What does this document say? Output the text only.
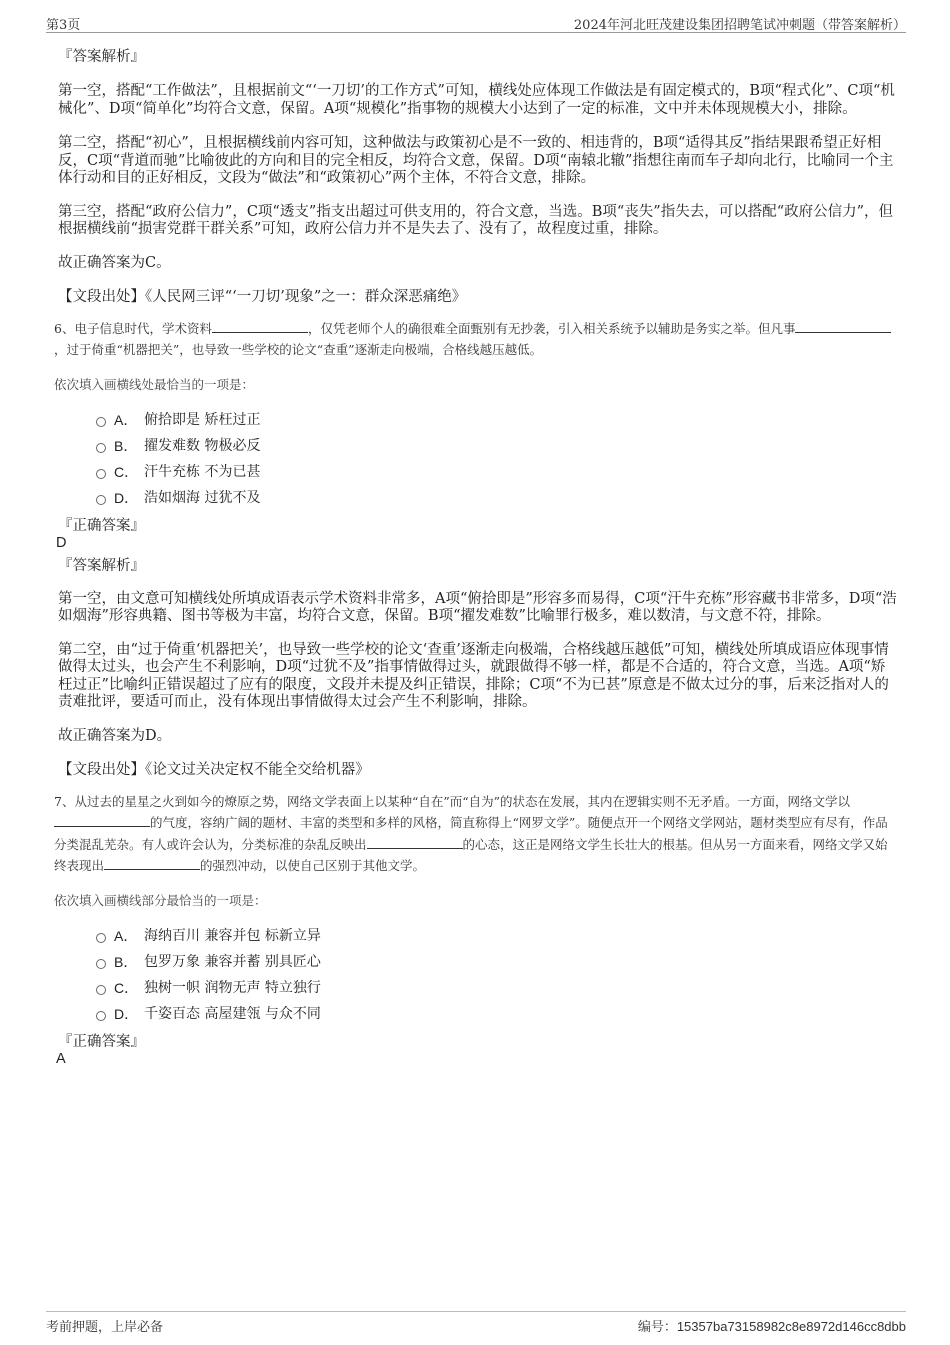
第3页	2024年河北旺茂建设集团招聘笔试冲刺题（带答案解析）
『答案解析』

第一空，搭配“工作做法”，且根据前文“‘一刀切’的工作方式”可知，横线处应体现工作做法是有固定模式的，B项“程式化”、C项“机械化”、D项“简单化”均符合文意，保留。A项“规模化”指事物的规模大小达到了一定的标准，文中并未体现规模大小，排除。

第二空，搭配“初心”，且根据横线前内容可知，这种做法与政策初心是不一致的、相违背的，B项“适得其反”指结果跟希望正好相反，C项“背道而驰”比喻彼此的方向和目的完全相反，均符合文意，保留。D项“南辕北辙”指想往南而车子却向北行，比喻同一个主体行动和目的正好相反，文段为“做法”和“政策初心”两个主体，不符合文意，排除。

第三空，搭配“政府公信力”，C项“透支”指支出超过可供支用的，符合文意，当选。B项“丧失”指失去，可以搭配“政府公信力”，但根据横线前“损害党群干群关系”可知，政府公信力并不是失去了、没有了，故程度过重，排除。

故正确答案为C。

【文段出处】《人民网三评“‘一刀切’现象”之一：群众深恶痛绝》

6、电子信息时代，学术资料	，仅凭老师个人的确很难全面甄别有无抄袭，引入相关系统予以辅助是务实之举。但凡事，过于倚重“机器把关”，也导致一些学校的论文“查重”逐渐走向极端，合格线越压越低。
依次填入画横线处最恰当的一项是：
A． 俯拾即是 矫枉过正
B． 擢发难数 物极必反
C． 汗牛充栋 不为已甚
D． 浩如烟海 过犹不及
『正确答案』
D
『答案解析』

第一空，由文意可知横线处所填成语表示学术资料非常多，A项“俯拾即是”形容多而易得，C项“汗牛充栋”形容藏书非常多，D项“浩如烟海”形容典籍、图书等极为丰富，均符合文意，保留。B项“擢发难数”比喻罪行极多，难以数清，与文意不符，排除。

第二空，由“过于倚重‘机器把关’，也导致一些学校的论文‘查重’逐渐走向极端，合格线越压越低”可知，横线处所填成语应体现事情做得太过头，也会产生不利影响，D项“过犹不及”指事情做得过头，就跟做得不够一样，都是不合适的，符合文意，当选。A项“矫枉过正”比喻纠正错误超过了应有的限度，文段并未提及纠正错误，排除；C项“不为已甚”原意是不做太过分的事，后来泛指对人的责难批评，要适可而止，没有体现出事情做得太过会产生不利影响，排除。

故正确答案为D。

【文段出处】《论文过关决定权不能全交给机器》

7、从过去的星星之火到如今的燎原之势，网络文学表面上以某种“自在”而“自为”的状态在发展，其内在逻辑实则不无矛盾。一方面，网络文学以的气度，容纳广阔的题材、丰富的类型和多样的风格，简直称得上“网罗文学”。随便点开一个网络文学网站，题材类型应有尽有，作品分类混乱芜杂。有人或许会认为，分类标准的杂乱反映出	的心态，这正是网络文学生长壮大的根基。但从另一方面来看，网络文学又始终表现出	的强烈冲动，以使自己区别于其他文学。
依次填入画横线部分最恰当的一项是：
A． 海纳百川 兼容并包 标新立异
B． 包罗万象 兼容并蓄 别具匠心
C． 独树一帜 润物无声 特立独行
D． 千姿百态 高屋建瓴 与众不同
『正确答案』
A
考前押题，上岸必备	编号：15357ba73158982c8e8972d146cc8dbb
